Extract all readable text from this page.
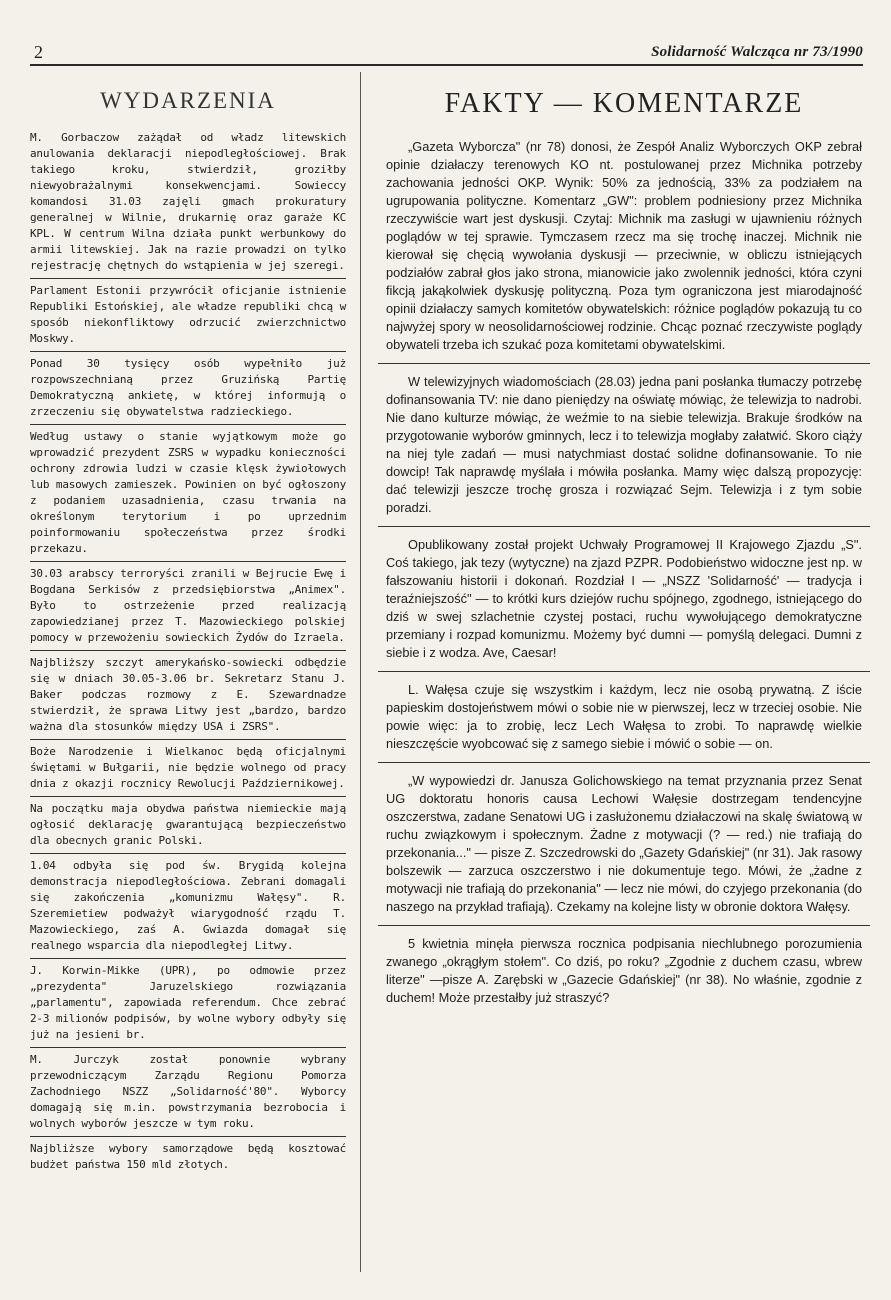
2	Solidarność Walcząca nr 73/1990
WYDARZENIA
M. Gorbaczow zażądał od władz litewskich anulowania deklaracji niepodległościowej. Brak takiego kroku, stwierdził, groziłby niewyobrażalnymi konsekwencjami. Sowieccy komandosi 31.03 zajęli gmach prokuratury generalnej w Wilnie, drukarnię oraz garaże KC KPL. W centrum Wilna działa punkt werbunkowy do armii litewskiej. Jak na razie prowadzi on tylko rejestrację chętnych do wstąpienia w jej szeregi.
Parlament Estonii przywrócił oficjanie istnienie Republiki Estońskiej, ale władze republiki chcą w sposób niekonfliktowy odrzucić zwierzchnictwo Moskwy.
Ponad 30 tysięcy osób wypełniło już rozpowszechnianą przez Gruzińską Partię Demokratyczną ankietę, w której informują o zrzeczeniu się obywatelstwa radzieckiego.
Według ustawy o stanie wyjątkowym może go wprowadzić prezydent ZSRS w wypadku konieczności ochrony zdrowia ludzi w czasie klęsk żywiołowych lub masowych zamieszek. Powinien on być ogłoszony z podaniem uzasadnienia, czasu trwania na określonym terytorium i po uprzednim poinformowaniu społeczeństwa przez środki przekazu.
30.03 arabscy terroryści zranili w Bejrucie Ewę i Bogdana Serkisów z przedsiębiorstwa „Animex". Było to ostrzeżenie przed realizacją zapowiedzianej przez T. Mazowieckiego polskiej pomocy w przewożeniu sowieckich Żydów do Izraela.
Najbliższy szczyt amerykańsko-sowiecki odbędzie się w dniach 30.05-3.06 br. Sekretarz Stanu J. Baker podczas rozmowy z E. Szewardnadze stwierdził, że sprawa Litwy jest „bardzo, bardzo ważna dla stosunków między USA i ZSRS".
Boże Narodzenie i Wielkanoc będą oficjalnymi świętami w Bułgarii, nie będzie wolnego od pracy dnia z okazji rocznicy Rewolucji Październikowej.
Na początku maja obydwa państwa niemieckie mają ogłosić deklarację gwarantującą bezpieczeństwo dla obecnych granic Polski.
1.04 odbyła się pod św. Brygidą kolejna demonstracja niepodległościowa. Zebrani domagali się zakończenia „komunizmu Wałęsy". R. Szeremietiew podważył wiarygodność rządu T. Mazowieckiego, zaś A. Gwiazda domagał się realnego wsparcia dla niepodległej Litwy.
J. Korwin-Mikke (UPR), po odmowie przez „prezydenta" Jaruzelskiego rozwiązania „parlamentu", zapowiada referendum. Chce zebrać 2-3 milionów podpisów, by wolne wybory odbyły się już na jesieni br.
M. Jurczyk został ponownie wybrany przewodniczącym Zarządu Regionu Pomorza Zachodniego NSZZ „Solidarność'80". Wyborcy domagają się m.in. powstrzymania bezrobocia i wolnych wyborów jeszcze w tym roku.
Najbliższe wybory samorządowe będą kosztować budżet państwa 150 mld złotych.
FAKTY — KOMENTARZE
„Gazeta Wyborcza" (nr 78) donosi, że Zespół Analiz Wyborczych OKP zebrał opinie działaczy terenowych KO nt. postulowanej przez Michnika potrzeby zachowania jedności OKP. Wynik: 50% za jednością, 33% za podziałem na ugrupowania polityczne. Komentarz „GW": problem podniesiony przez Michnika rzeczywiście wart jest dyskusji. Czytaj: Michnik ma zasługi w ujawnieniu różnych poglądów w tej sprawie. Tymczasem rzecz ma się trochę inaczej. Michnik nie kierował się chęcią wywołania dyskusji — przeciwnie, w obliczu istniejących podziałów zabrał głos jako strona, mianowicie jako zwolennik jedności, która czyni fikcją jakąkolwiek dyskusję polityczną. Poza tym ograniczona jest miarodajność opinii działaczy samych komitetów obywatelskich: różnice poglądów pokazują tu co najwyżej spory w neosolidarnościowej rodzinie. Chcąc poznać rzeczywiste poglądy obywateli trzeba ich szukać poza komitetami obywatelskimi.
W telewizyjnych wiadomościach (28.03) jedna pani posłanka tłumaczy potrzebę dofinansowania TV: nie dano pieniędzy na oświatę mówiąc, że telewizja to nadrobi. Nie dano kulturze mówiąc, że weźmie to na siebie telewizja. Brakuje środków na przygotowanie wyborów gminnych, lecz i to telewizja mogłaby załatwić. Skoro ciąży na niej tyle zadań — musi natychmiast dostać solidne dofinansowanie. To nie dowcip! Tak naprawdę myślała i mówiła posłanka. Mamy więc dalszą propozycję: dać telewizji jeszcze trochę grosza i rozwiązać Sejm. Telewizja i z tym sobie poradzi.
Opublikowany został projekt Uchwały Programowej II Krajowego Zjazdu „S". Coś takiego, jak tezy (wytyczne) na zjazd PZPR. Podobieństwo widoczne jest np. w fałszowaniu historii i dokonań. Rozdział I — „NSZZ 'Solidarność' — tradycja i teraźniejszość" — to krótki kurs dziejów ruchu spójnego, zgodnego, istniejącego do dziś w swej szlachetnie czystej postaci, ruchu wywołującego demokratyczne przemiany i rozpad komunizmu. Możemy być dumni — pomyślą delegaci. Dumni z siebie i z wodza. Ave, Caesar!
L. Wałęsa czuje się wszystkim i każdym, lecz nie osobą prywatną. Z iście papieskim dostojeństwem mówi o sobie nie w pierwszej, lecz w trzeciej osobie. Nie powie więc: ja to zrobię, lecz Lech Wałęsa to zrobi. To naprawdę wielkie nieszczęście wyobcować się z samego siebie i mówić o sobie — on.
„W wypowiedzi dr. Janusza Golichowskiego na temat przyznania przez Senat UG doktoratu honoris causa Lechowi Wałęsie dostrzegam tendencyjne oszczerstwa, zadane Senatowi UG i zasłużonemu działaczowi na skalę światową w ruchu związkowym i społecznym. Żadne z motywacji (? — red.) nie trafiają do przekonania..." — pisze Z. Szczedrowski do „Gazety Gdańskiej" (nr 31). Jak rasowy bolszewik — zarzuca oszczerstwo i nie dokumentuje tego. Mówi, że „żadne z motywacji nie trafiają do przekonania" — lecz nie mówi, do czyjego przekonania (do naszego na przykład trafiają). Czekamy na kolejne listy w obronie doktora Wałęsy.
5 kwietnia minęła pierwsza rocznica podpisania niechlubnego porozumienia zwanego „okrągłym stołem". Co dziś, po roku? „Zgodnie z duchem czasu, wbrew literze" —pisze A. Zarębski w „Gazecie Gdańskiej" (nr 38). No właśnie, zgodnie z duchem! Może przestałby już straszyć?
